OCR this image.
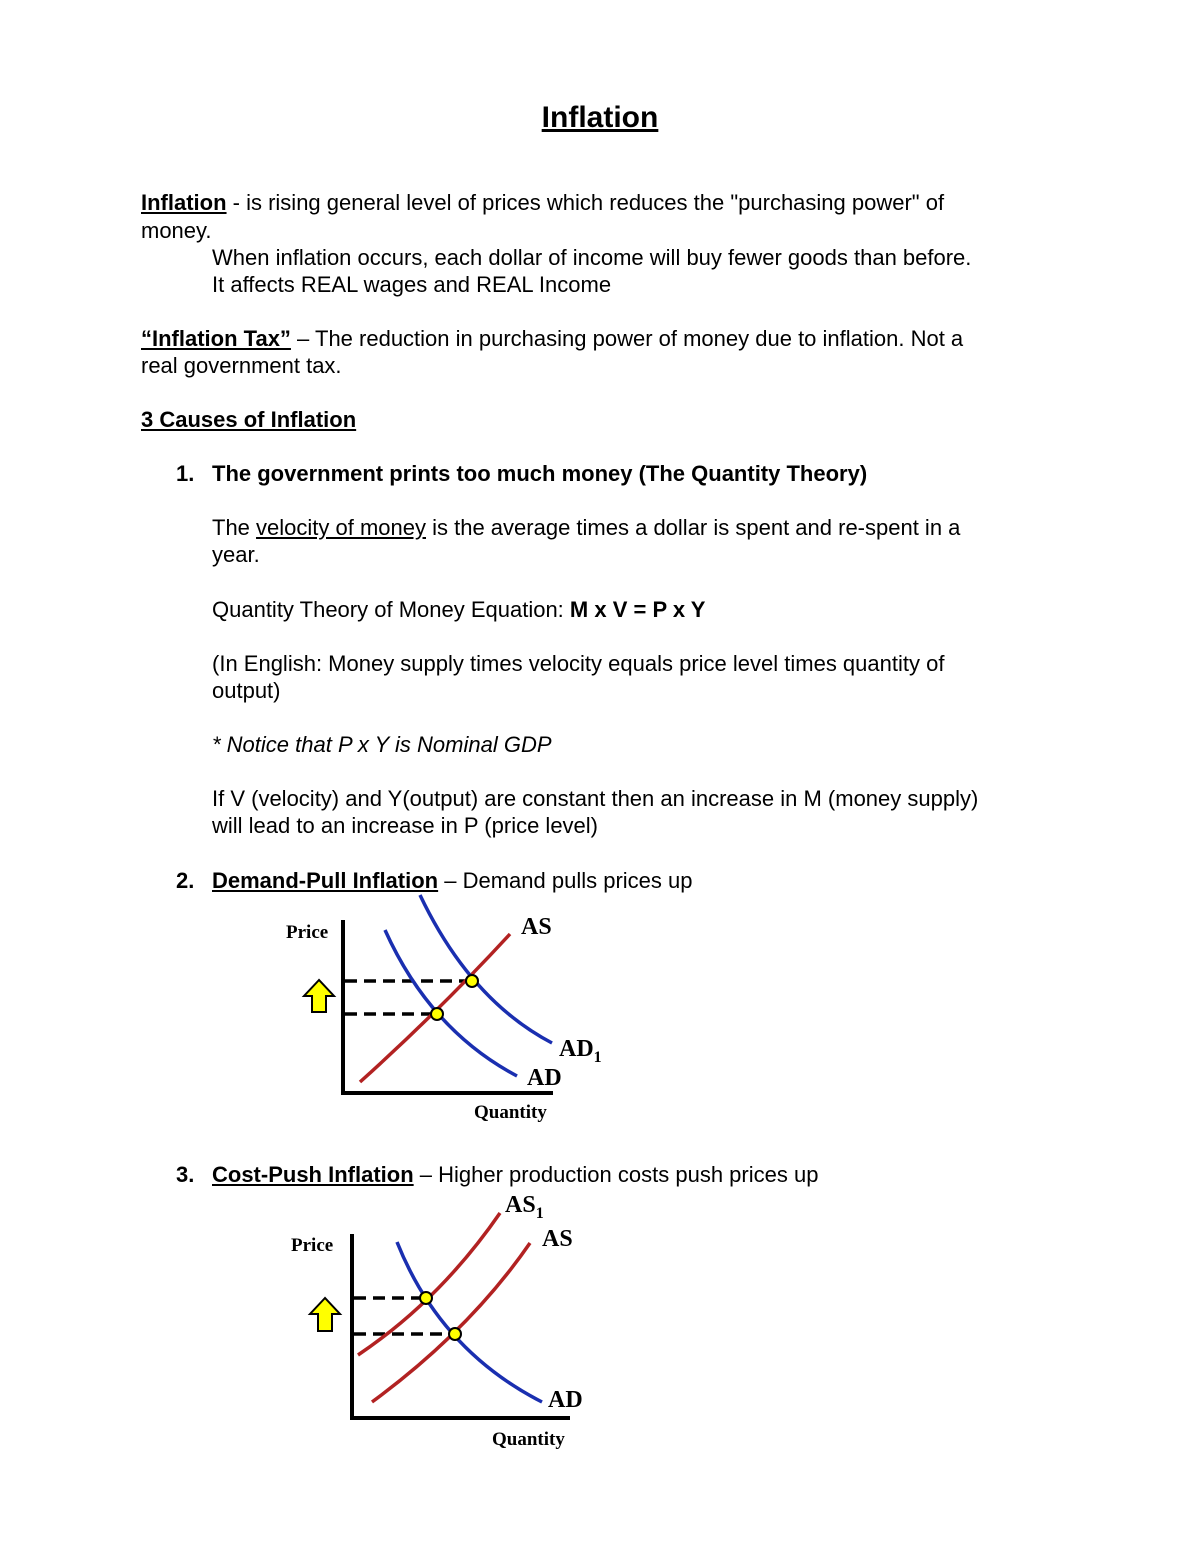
Inflation
Inflation - is rising general level of prices which reduces the "purchasing power" of
money.
When inflation occurs, each dollar of income will buy fewer goods than before.
It affects REAL wages and REAL Income
“Inflation Tax” – The reduction in purchasing power of money due to inflation. Not a
real government tax.
3 Causes of Inflation
1. The government prints too much money (The Quantity Theory)
The velocity of money is the average times a dollar is spent and re-spent in a
year.
Quantity Theory of Money Equation: M x V = P x Y
(In English: Money supply times velocity equals price level times quantity of
output)
* Notice that P x Y is Nominal GDP
If V (velocity) and Y(output) are constant then an increase in M (money supply)
will lead to an increase in P (price level)
2. Demand-Pull Inflation – Demand pulls prices up
Price
Quantity
AS
$AD_1$
AD
Price
Quantity
$AS_1$
AS
AD
3. Cost-Push Inflation – Higher production costs push prices up
